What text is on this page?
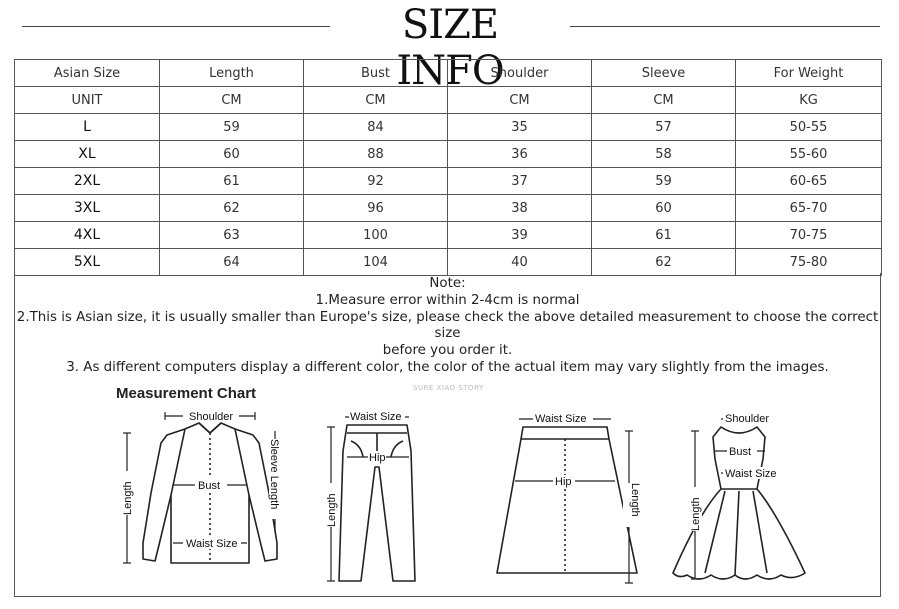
SIZE INFO
Asian Size	Length	Bust	Shoulder	Sleeve	For Weight
UNIT	CM	CM	CM	CM	KG
L	59	84	35	57	50-55
XL	60	88	36	58	55-60
2XL	61	92	37	59	60-65
3XL	62	96	38	60	65-70
4XL	63	100	39	61	70-75
5XL	64	104	40	62	75-80
Note:
1.Measure error within 2-4cm is normal
2.This is Asian size, it is usually smaller than Europe's size, please check the above detailed measurement to choose the correct size
before you order it.
3. As different computers display a different color, the color of the actual item may vary slightly from the images.
Measurement Chart	SURE XIAO STORY
Shoulder
Bust
Waist Size
Length	Sleeve Length
Waist Size
Hip
Length
Waist Size
Hip
Length
Shoulder
Bust
Waist Size
Length
